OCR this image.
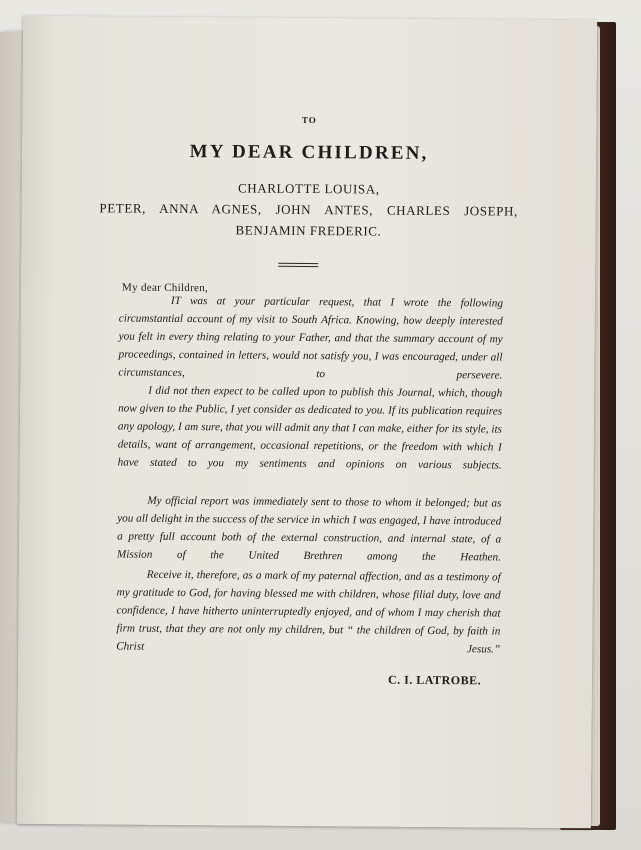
TO
MY DEAR CHILDREN,
CHARLOTTE LOUISA,
PETER, ANNA AGNES, JOHN ANTES, CHARLES JOSEPH,
BENJAMIN FREDERIC.
My dear Children,
IT was at your particular request, that I wrote the following circumstantial account of my visit to South Africa. Knowing, how deeply interested you felt in every thing relating to your Father, and that the summary account of my proceedings, contained in letters, would not satisfy you, I was encouraged, under all circumstances, to persevere.
I did not then expect to be called upon to publish this Journal, which, though now given to the Public, I yet consider as dedicated to you. If its publication requires any apology, I am sure, that you will admit any that I can make, either for its style, its details, want of arrangement, occasional repetitions, or the freedom with which I have stated to you my sentiments and opinions on various subjects.
My official report was immediately sent to those to whom it belonged; but as you all delight in the success of the service in which I was engaged, I have introduced a pretty full account both of the external construction, and internal state, of a Mission of the United Brethren among the Heathen.
Receive it, therefore, as a mark of my paternal affection, and as a testimony of my gratitude to God, for having blessed me with children, whose filial duty, love and confidence, I have hitherto uninterruptedly enjoyed, and of whom I may cherish that firm trust, that they are not only my children, but “ the children of God, by faith in Christ Jesus.”
C. I. LATROBE.
